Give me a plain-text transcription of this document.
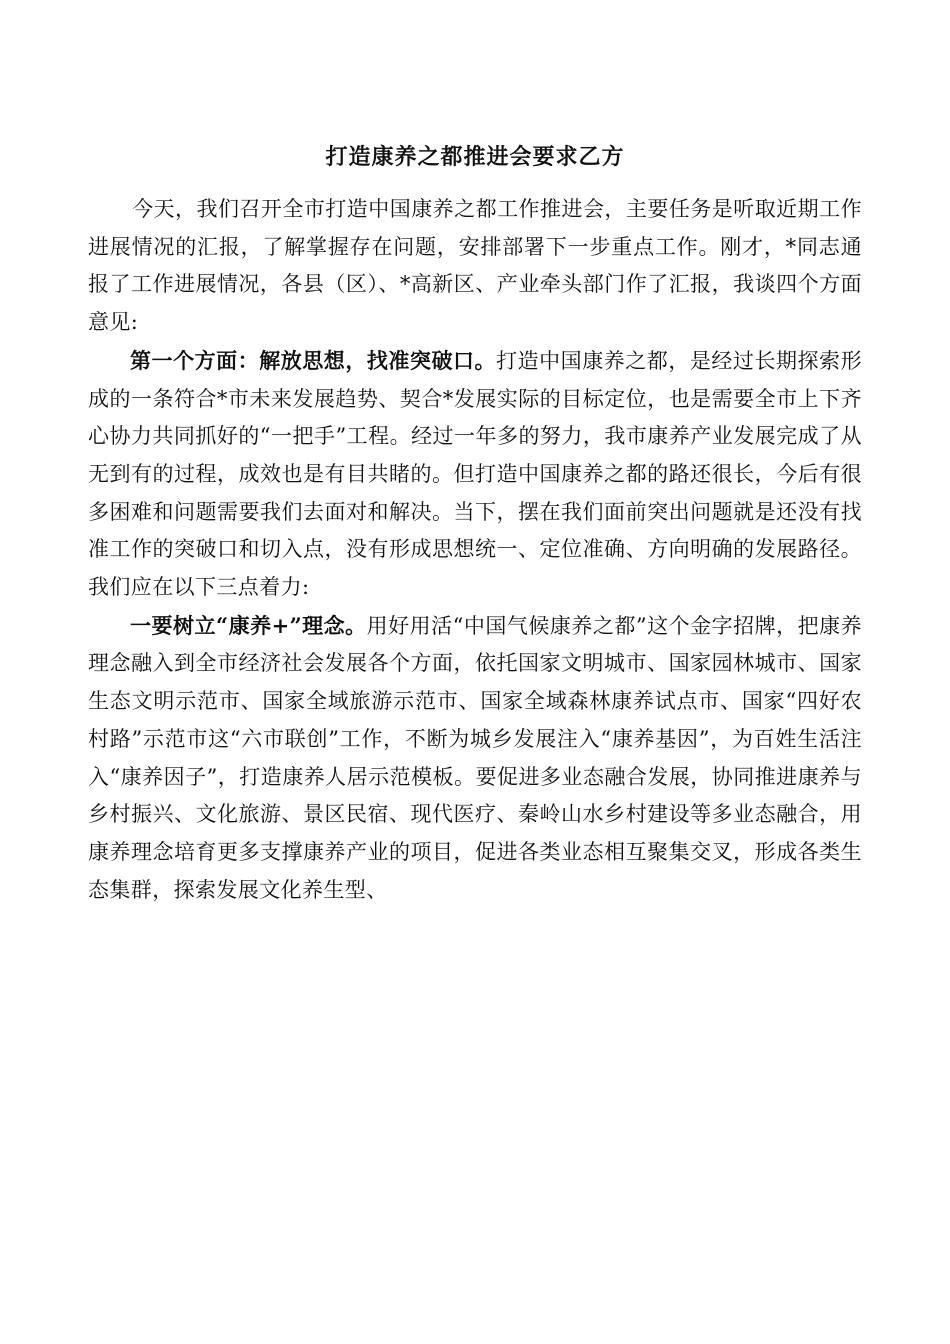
打造康养之都推进会要求乙方

今天，我们召开全市打造中国康养之都工作推进会，主要任务是听取近期工作进展情况的汇报，了解掌握存在问题，安排部署下一步重点工作。刚才，*同志通报了工作进展情况，各县（区）、*高新区、产业牵头部门作了汇报，我谈四个方面意见:

第一个方面：解放思想，找准突破口。打造中国康养之都，是经过长期探索形成的一条符合*市未来发展趋势、契合*发展实际的目标定位，也是需要全市上下齐心协力共同抓好的“一把手”工程。经过一年多的努力，我市康养产业发展完成了从无到有的过程，成效也是有目共睹的。但打造中国康养之都的路还很长，今后有很多困难和问题需要我们去面对和解决。当下，摆在我们面前突出问题就是还没有找准工作的突破口和切入点，没有形成思想统一、定位准确、方向明确的发展路径。我们应在以下三点着力:

一要树立“康养+”理念。用好用活“中国气候康养之都”这个金字招牌，把康养理念融入到全市经济社会发展各个方面，依托国家文明城市、国家园林城市、国家生态文明示范市、国家全域旅游示范市、国家全域森林康养试点市、国家“四好农村路”示范市这“六市联创”工作，不断为城乡发展注入“康养基因”，为百姓生活注入“康养因子”，打造康养人居示范模板。要促进多业态融合发展，协同推进康养与乡村振兴、文化旅游、景区民宿、现代医疗、秦岭山水乡村建设等多业态融合，用康养理念培育更多支撑康养产业的项目，促进各类业态相互聚集交叉，形成各类生态集群，探索发展文化养生型、
